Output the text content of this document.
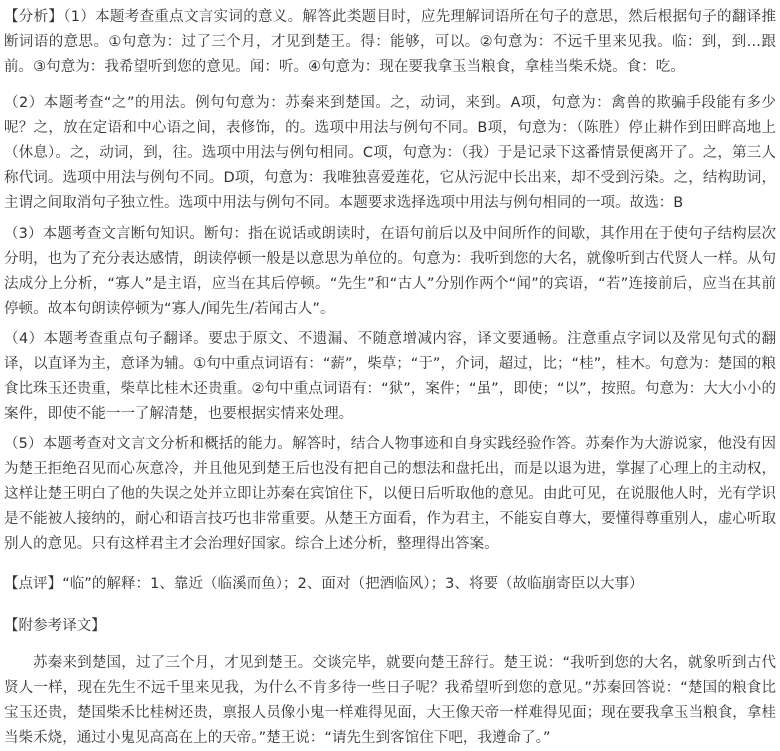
【分析】（1）本题考查重点文言实词的意义。解答此类题目时，应先理解词语所在句子的意思，然后根据句子的翻译推断词语的意思。①句意为：过了三个月，才见到楚王。得：能够，可以。②句意为：不远千里来见我。临：到，到…跟前。③句意为：我希望听到您的意见。闻：听。④句意为：现在要我拿玉当粮食，拿桂当柴禾烧。食：吃。

（2）本题考查“之”的用法。例句句意为：苏秦来到楚国。之，动词，来到。A项，句意为：禽兽的欺骗手段能有多少呢？之，放在定语和中心语之间，表修饰，的。选项中用法与例句不同。B项，句意为：（陈胜）停止耕作到田畔高地上（休息）。之，动词，到，往。选项中用法与例句相同。C项，句意为：（我）于是记录下这番情景便离开了。之，第三人称代词。选项中用法与例句不同。D项，句意为：我唯独喜爱莲花，它从污泥中长出来，却不受到污染。之，结构助词，主谓之间取消句子独立性。选项中用法与例句不同。本题要求选择选项中用法与例句相同的一项。故选：B

（3）本题考查文言断句知识。断句：指在说话或朗读时，在语句前后以及中间所作的间歇，其作用在于使句子结构层次分明，也为了充分表达感情，朗读停顿一般是以意思为单位的。句意为：我听到您的大名，就像听到古代贤人一样。从句法成分上分析，“寡人”是主语，应当在其后停顿。“先生”和“古人”分别作两个“闻”的宾语，“若”连接前后，应当在其前停顿。故本句朗读停顿为“寡人/闻先生/若闻古人”。

（4）本题考查重点句子翻译。要忠于原文、不遗漏、不随意增减内容，译文要通畅。注意重点字词以及常见句式的翻译，以直译为主，意译为辅。①句中重点词语有：“薪”，柴草；“于”，介词，超过，比；“桂”，桂木。句意为：楚国的粮食比珠玉还贵重，柴草比桂木还贵重。②句中重点词语有：“狱”，案件；“虽”，即使；“以”，按照。句意为：大大小小的案件，即使不能一一了解清楚，也要根据实情来处理。

（5）本题考查对文言文分析和概括的能力。解答时，结合人物事迹和自身实践经验作答。苏秦作为大游说家，他没有因为楚王拒绝召见而心灰意冷，并且他见到楚王后也没有把自己的想法和盘托出，而是以退为进，掌握了心理上的主动权，这样让楚王明白了他的失误之处并立即让苏秦在宾馆住下，以便日后听取他的意见。由此可见，在说服他人时，光有学识是不能被人接纳的，耐心和语言技巧也非常重要。从楚王方面看，作为君主，不能妄自尊大，要懂得尊重别人，虚心听取别人的意见。只有这样君主才会治理好国家。综合上述分析，整理得出答案。

【点评】“临”的解释：1、靠近（临溪而鱼）；2、面对（把酒临风）；3、将要（故临崩寄臣以大事）

【附参考译文】

苏秦来到楚国，过了三个月，才见到楚王。交谈完毕，就要向楚王辞行。楚王说：“我听到您的大名，就象听到古代贤人一样，现在先生不远千里来见我，为什么不肯多待一些日子呢？我希望听到您的意见。”苏秦回答说：“楚国的粮食比宝玉还贵，楚国柴禾比桂树还贵，禀报人员像小鬼一样难得见面，大王像天帝一样难得见面；现在要我拿玉当粮食，拿桂当柴禾烧，通过小鬼见高高在上的天帝。”楚王说：“请先生到客馆住下吧，我遵命了。”
